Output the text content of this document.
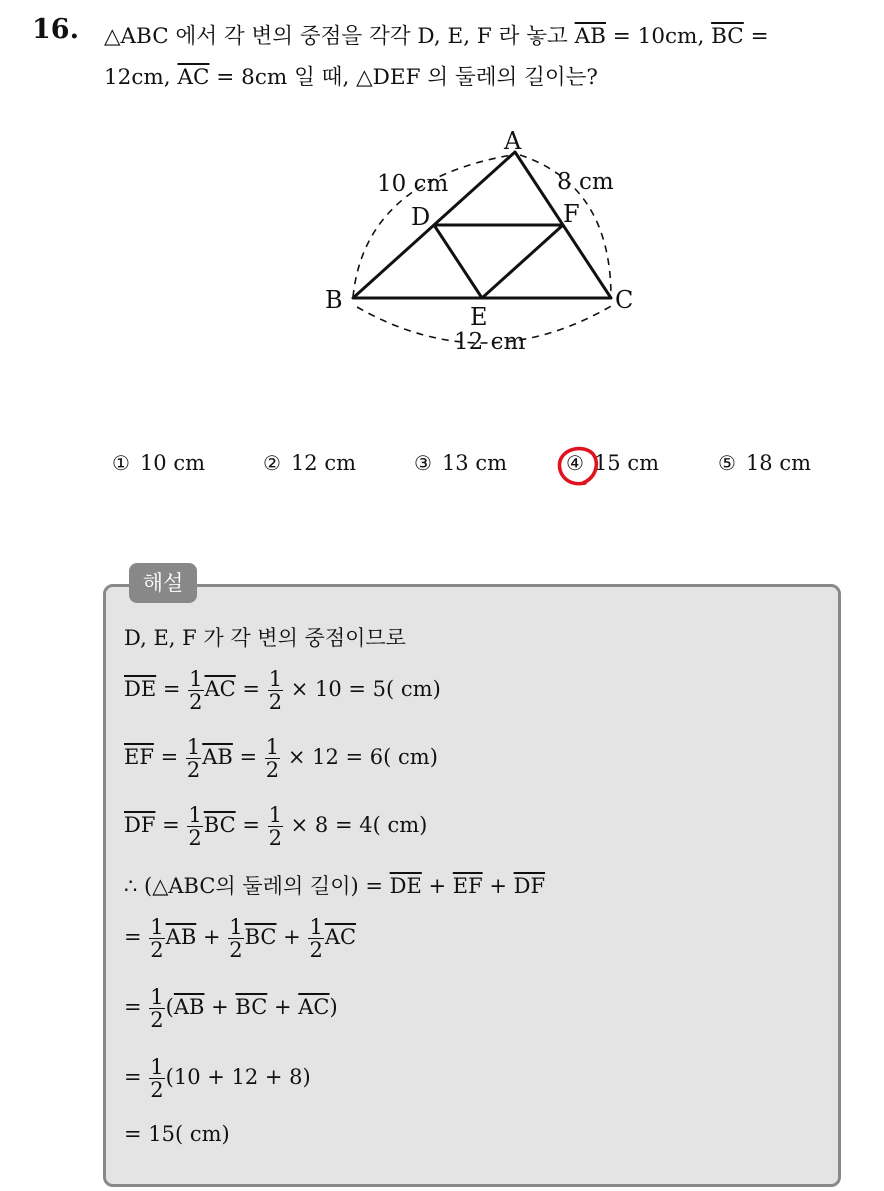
16. △ABC 에서 각 변의 중점을 각각 D, E, F 라 놓고 $\overline{AB} = 10cm$, $\overline{BC}$ =
12cm, $\overline{AC} = 8cm$ 일 때, △DEF 의 둘레의 길이는?
A
B	C
D
E
F
10 cm	8 cm
12 cm
① 10 cm	② 12 cm	③ 13 cm	④ 15 cm	⑤ 18 cm
해설
D, E, F 가 각 변의 중점이므로
$\overline{DE} = \frac{1}{2} \overline{AC} = \frac{1}{2} \times 10 = 5$( cm)
$\overline{EF} = \frac{1}{2} \overline{AB} = \frac{1}{2} \times 12 = 6$( cm)
$\overline{DF} = \frac{1}{2} \overline{BC} = \frac{1}{2} \times 8 = 4$( cm)
∴ (△ABC의 둘레의 길이) = $\overline{DE} + \overline{EF} + \overline{DF}$
= $\frac{1}{2} \overline{AB} + \frac{1}{2} \overline{BC} + \frac{1}{2} \overline{AC}$
= $\frac{1}{2} (\overline{AB} + \overline{BC} + \overline{AC})$
= $\frac{1}{2} (10 + 12 + 8)$
= 15( cm)
